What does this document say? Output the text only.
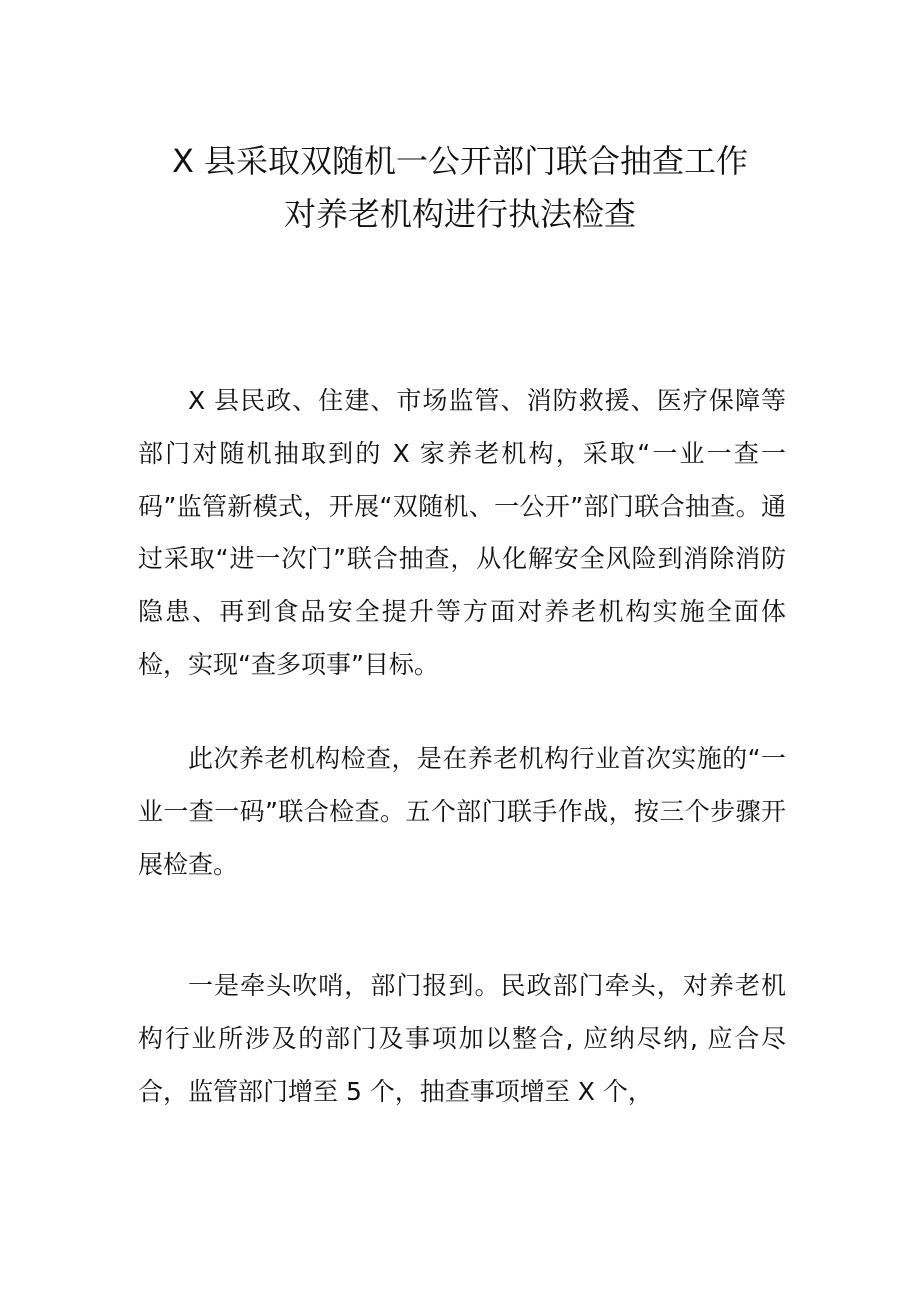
X 县采取双随机一公开部门联合抽查工作
对养老机构进行执法检查

X 县民政、住建、市场监管、消防救援、医疗保障等部门对随机抽取到的 X 家养老机构，采取“一业一查一码”监管新模式，开展“双随机、一公开”部门联合抽查。通过采取“进一次门”联合抽查，从化解安全风险到消除消防隐患、再到食品安全提升等方面对养老机构实施全面体检，实现“查多项事”目标。

此次养老机构检查，是在养老机构行业首次实施的“一业一查一码”联合检查。五个部门联手作战，按三个步骤开展检查。

一是牵头吹哨，部门报到。民政部门牵头，对养老机构行业所涉及的部门及事项加以整合, 应纳尽纳, 应合尽合，监管部门增至 5 个，抽查事项增至 X 个，
